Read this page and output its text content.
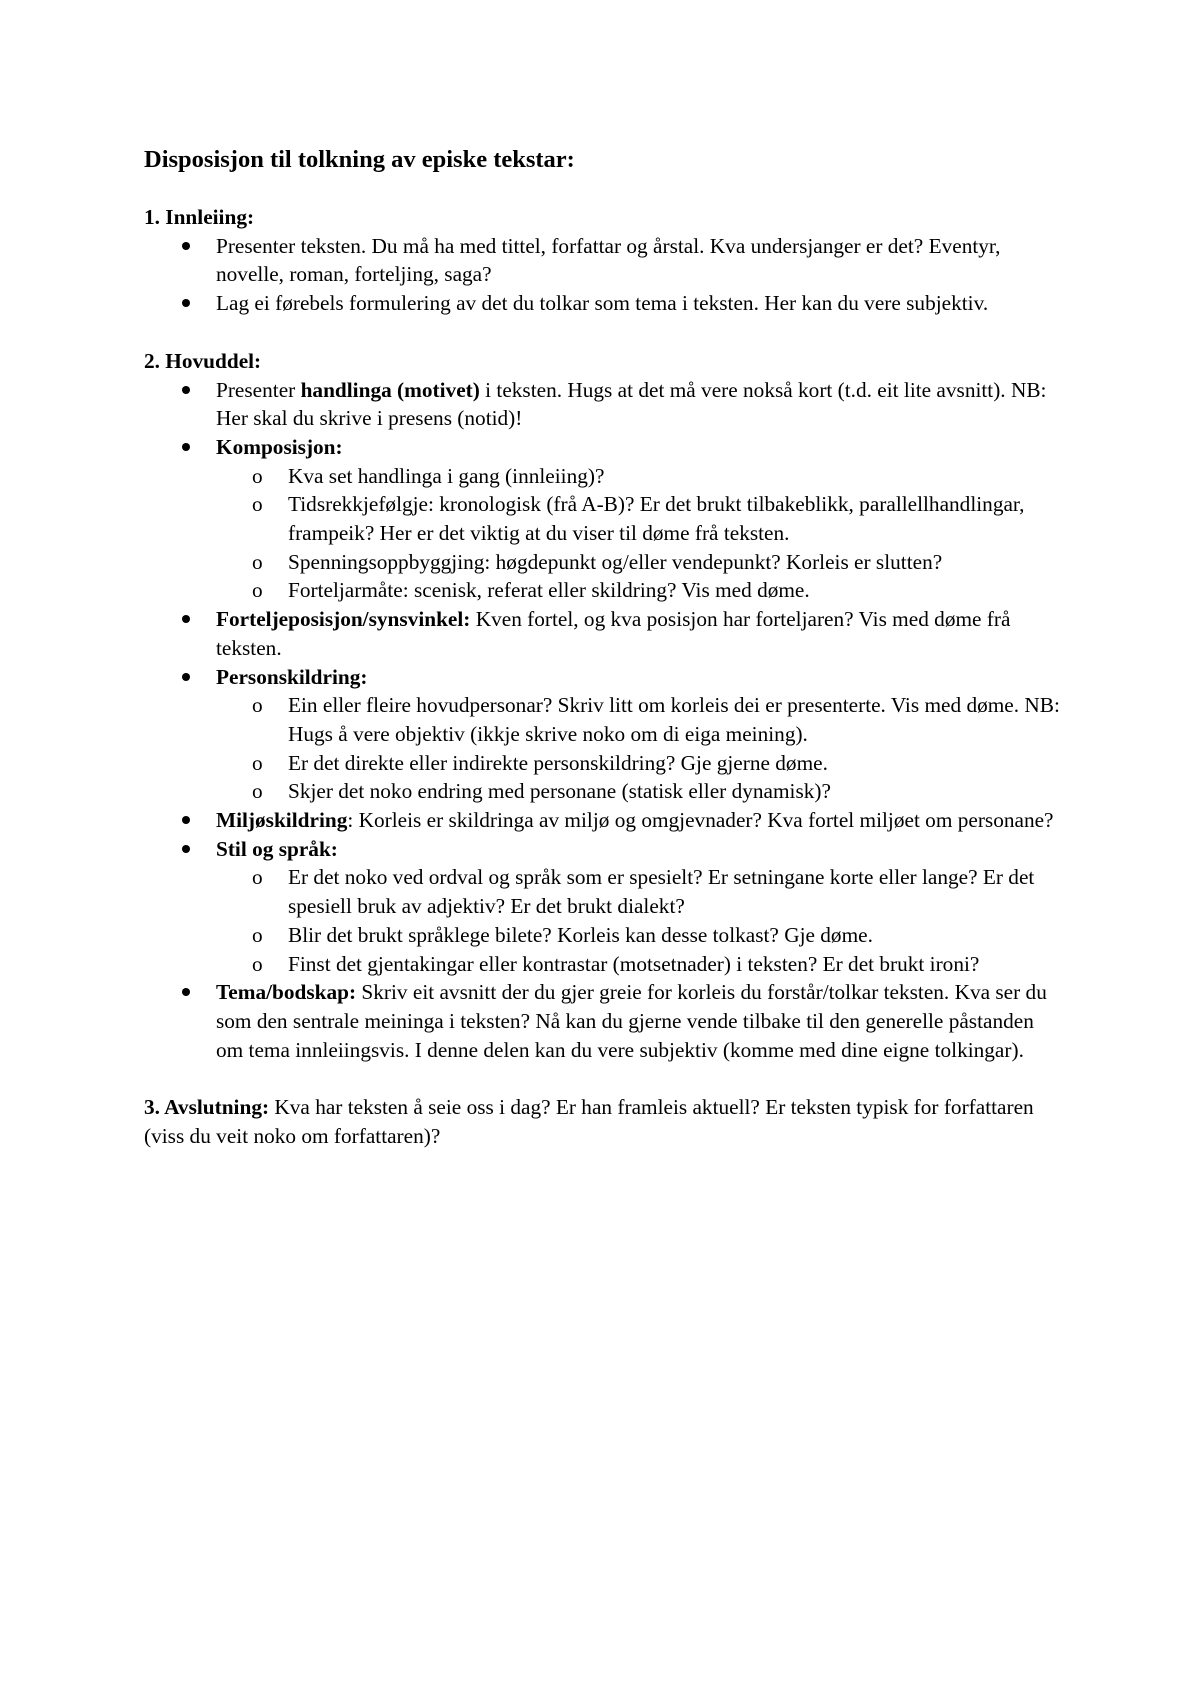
Disposisjon til tolkning av episke tekstar:
1. Innleiing:
Presenter teksten. Du må ha med tittel, forfattar og årstal. Kva undersjanger er det? Eventyr, novelle, roman, forteljing, saga?
Lag ei førebels formulering av det du tolkar som tema i teksten. Her kan du vere subjektiv.
2. Hovuddel:
Presenter handlinga (motivet) i teksten. Hugs at det må vere nokså kort (t.d. eit lite avsnitt). NB: Her skal du skrive i presens (notid)!
Komposisjon:
o Kva set handlinga i gang (innleiing)?
o Tidsrekkjefølgje: kronologisk (frå A-B)? Er det brukt tilbakeblikk, parallellhandlingar, frampeik? Her er det viktig at du viser til døme frå teksten.
o Spenningsoppbyggjing: høgdepunkt og/eller vendepunkt? Korleis er slutten?
o Forteljarmåte: scenisk, referat eller skildring? Vis med døme.
Forteljeposisjon/synsvinkel: Kven fortel, og kva posisjon har forteljaren? Vis med døme frå teksten.
Personskildring:
o Ein eller fleire hovudpersonar? Skriv litt om korleis dei er presenterte. Vis med døme. NB: Hugs å vere objektiv (ikkje skrive noko om di eiga meining).
o Er det direkte eller indirekte personskildring? Gje gjerne døme.
o Skjer det noko endring med personane (statisk eller dynamisk)?
Miljøskildring: Korleis er skildringa av miljø og omgjevnader? Kva fortel miljøet om personane?
Stil og språk:
o Er det noko ved ordval og språk som er spesielt? Er setningane korte eller lange? Er det spesiell bruk av adjektiv? Er det brukt dialekt?
o Blir det brukt språklege bilete? Korleis kan desse tolkast? Gje døme.
o Finst det gjentakingar eller kontrastar (motsetnader) i teksten? Er det brukt ironi?
Tema/bodskap: Skriv eit avsnitt der du gjer greie for korleis du forstår/tolkar teksten. Kva ser du som den sentrale meininga i teksten? Nå kan du gjerne vende tilbake til den generelle påstanden om tema innleiingsvis. I denne delen kan du vere subjektiv (komme med dine eigne tolkingar).
3. Avslutning: Kva har teksten å seie oss i dag? Er han framleis aktuell? Er teksten typisk for forfattaren (viss du veit noko om forfattaren)?
